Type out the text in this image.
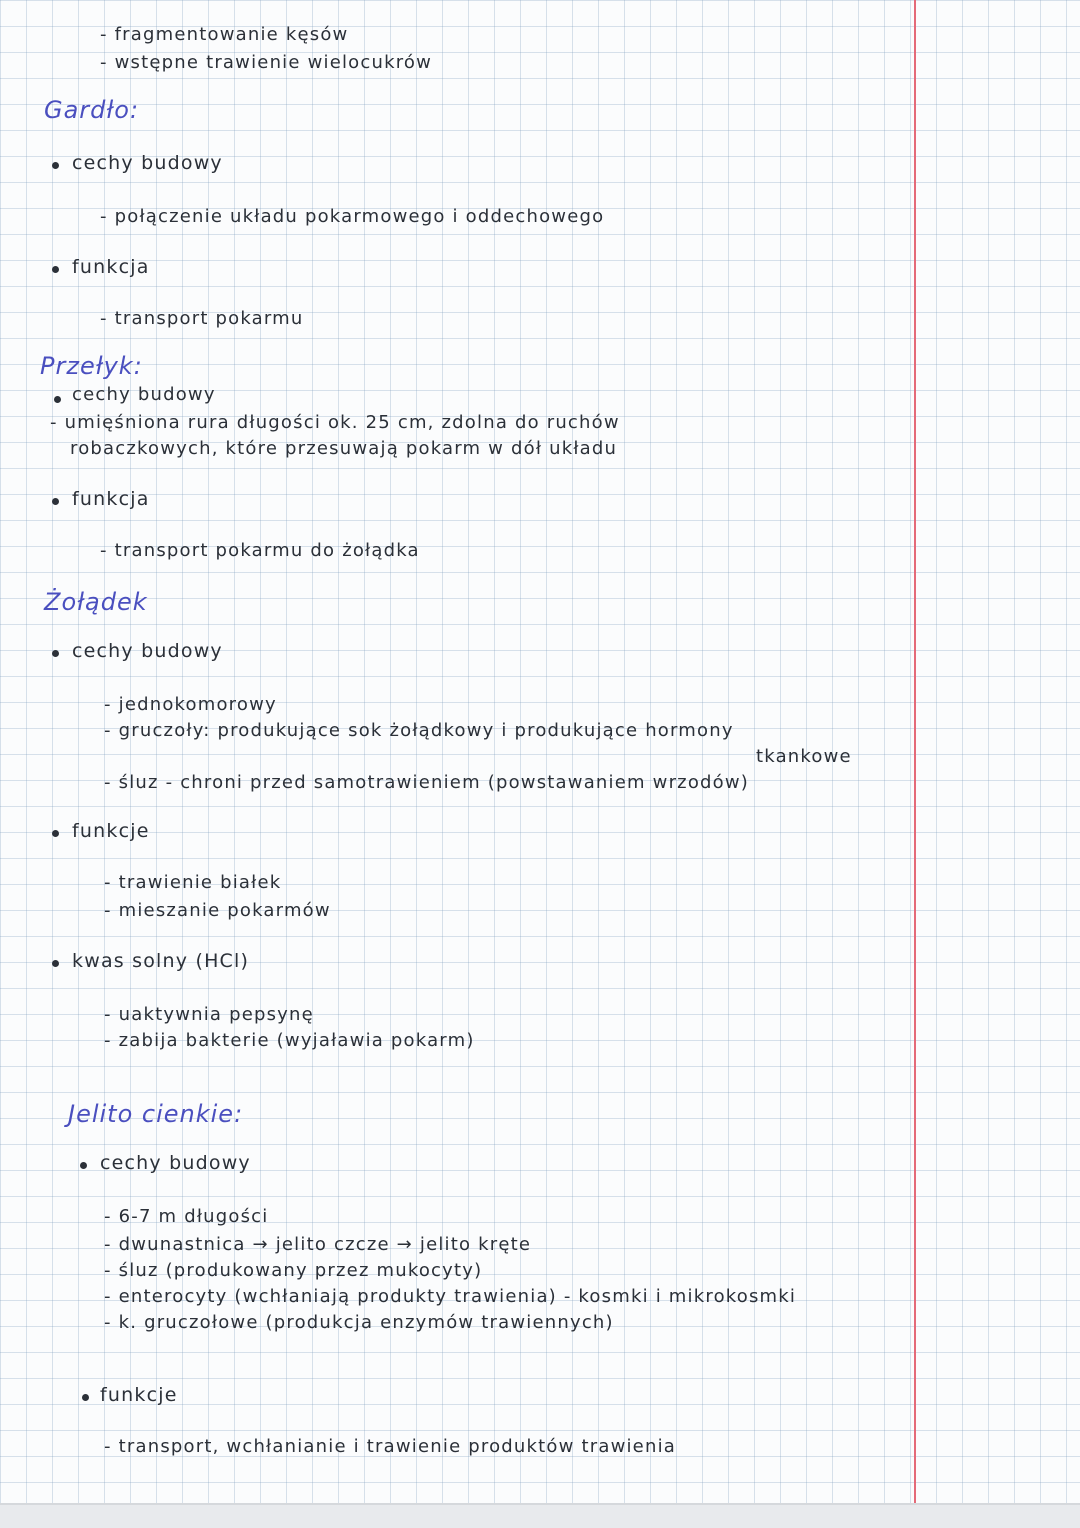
- fragmentowanie kęsów
- wstępne trawienie wielocukrów
Gardło:
cechy budowy
- połączenie układu pokarmowego i oddechowego
funkcja
- transport pokarmu
Przełyk:
cechy budowy
- umięśniona rura długości ok. 25 cm, zdolna do ruchów
robaczkowych, które przesuwają pokarm w dół układu
funkcja
- transport pokarmu do żołądka
Żołądek
cechy budowy
- jednokomorowy
- gruczoły: produkujące sok żołądkowy i produkujące hormony
tkankowe
- śluz - chroni przed samotrawieniem (powstawaniem wrzodów)
funkcje
- trawienie białek
- mieszanie pokarmów
kwas solny (HCl)
- uaktywnia pepsynę
- zabija bakterie (wyjaławia pokarm)
Jelito cienkie:
cechy budowy
- 6-7 m długości
- dwunastnica → jelito czcze → jelito kręte
- śluz (produkowany przez mukocyty)
- enterocyty (wchłaniają produkty trawienia) - kosmki i mikrokosmki
- k. gruczołowe (produkcja enzymów trawiennych)
funkcje
- transport, wchłanianie i trawienie produktów trawienia
